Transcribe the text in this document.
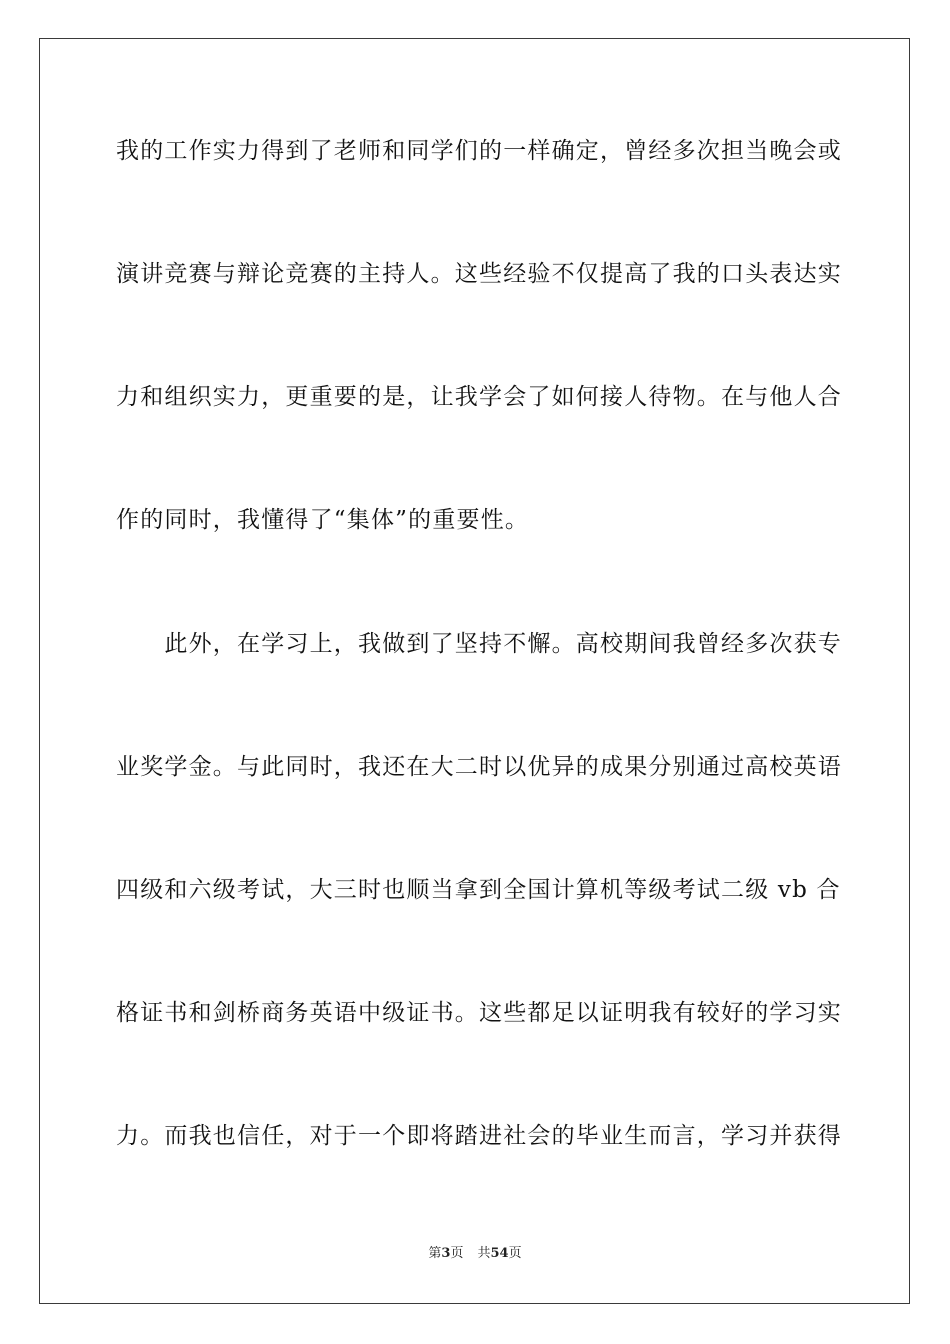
我的工作实力得到了老师和同学们的一样确定，曾经多次担当晚会或
演讲竞赛与辩论竞赛的主持人。这些经验不仅提高了我的口头表达实
力和组织实力，更重要的是，让我学会了如何接人待物。在与他人合
作的同时，我懂得了“集体”的重要性。
　　此外，在学习上，我做到了坚持不懈。高校期间我曾经多次获专
业奖学金。与此同时，我还在大二时以优异的成果分别通过高校英语
四级和六级考试，大三时也顺当拿到全国计算机等级考试二级 vb 合
格证书和剑桥商务英语中级证书。这些都足以证明我有较好的学习实
力。而我也信任，对于一个即将踏进社会的毕业生而言，学习并获得
第3页 共54页
